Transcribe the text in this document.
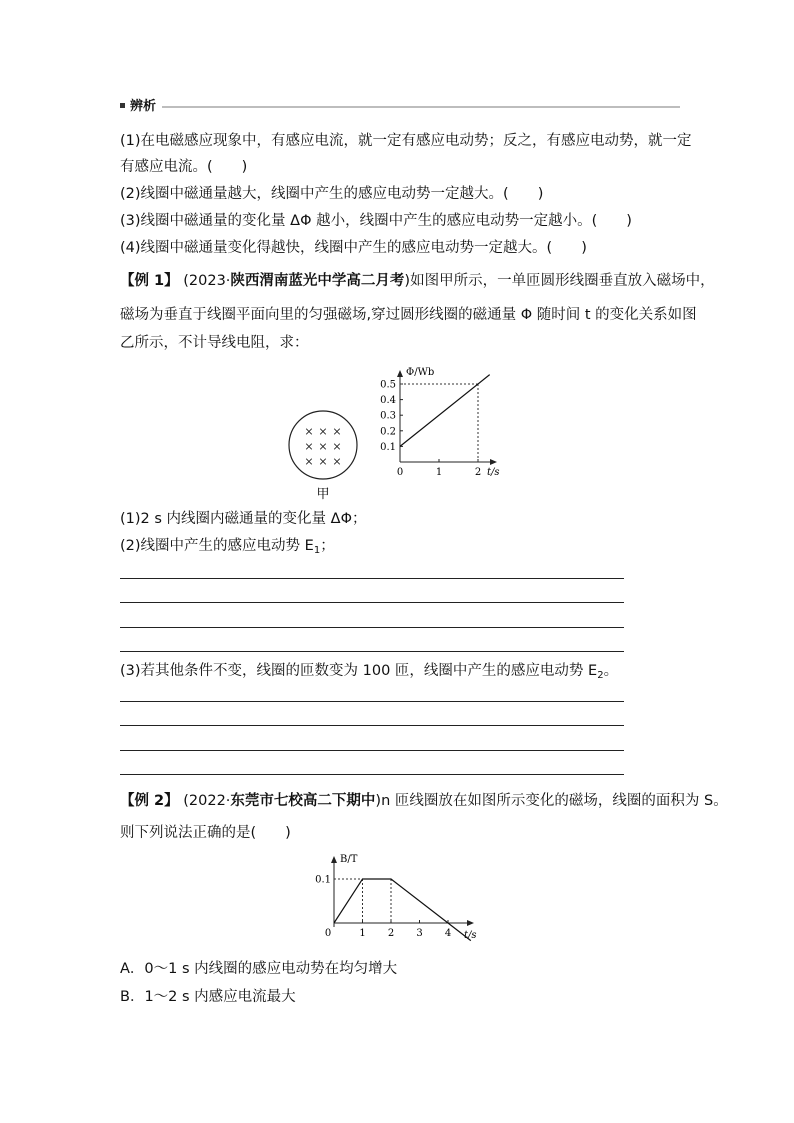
辨析
(1)在电磁感应现象中，有感应电流，就一定有感应电动势；反之，有感应电动势，就一定
有感应电流。(　　)
(2)线圈中磁通量越大，线圈中产生的感应电动势一定越大。(　　)
(3)线圈中磁通量的变化量 ΔΦ 越小，线圈中产生的感应电动势一定越小。(　　)
(4)线圈中磁通量变化得越快，线圈中产生的感应电动势一定越大。(　　)
【例 1】 (2023·陕西渭南蓝光中学高二月考)如图甲所示，一单匝圆形线圈垂直放入磁场中，
磁场为垂直于线圈平面向里的匀强磁场,穿过圆形线圈的磁通量 Φ 随时间 t 的变化关系如图
乙所示，不计导线电阻，求：
× × ×
× × ×
× × ×
甲
Φ/Wb
t/s
0.1
0.2
0.3
0.4
0.5
0	1	2
(1)2 s 内线圈内磁通量的变化量 ΔΦ；
(2)线圈中产生的感应电动势 $E_1$；
(3)若其他条件不变，线圈的匝数变为 100 匝，线圈中产生的感应电动势 $E_2$。
【例 2】 (2022·东莞市七校高二下期中)n 匝线圈放在如图所示变化的磁场，线圈的面积为 S。
则下列说法正确的是(　　)
B/T
t/s
0.1
0	1 2 3 4
A．0～1 s 内线圈的感应电动势在均匀增大
B．1～2 s 内感应电流最大
